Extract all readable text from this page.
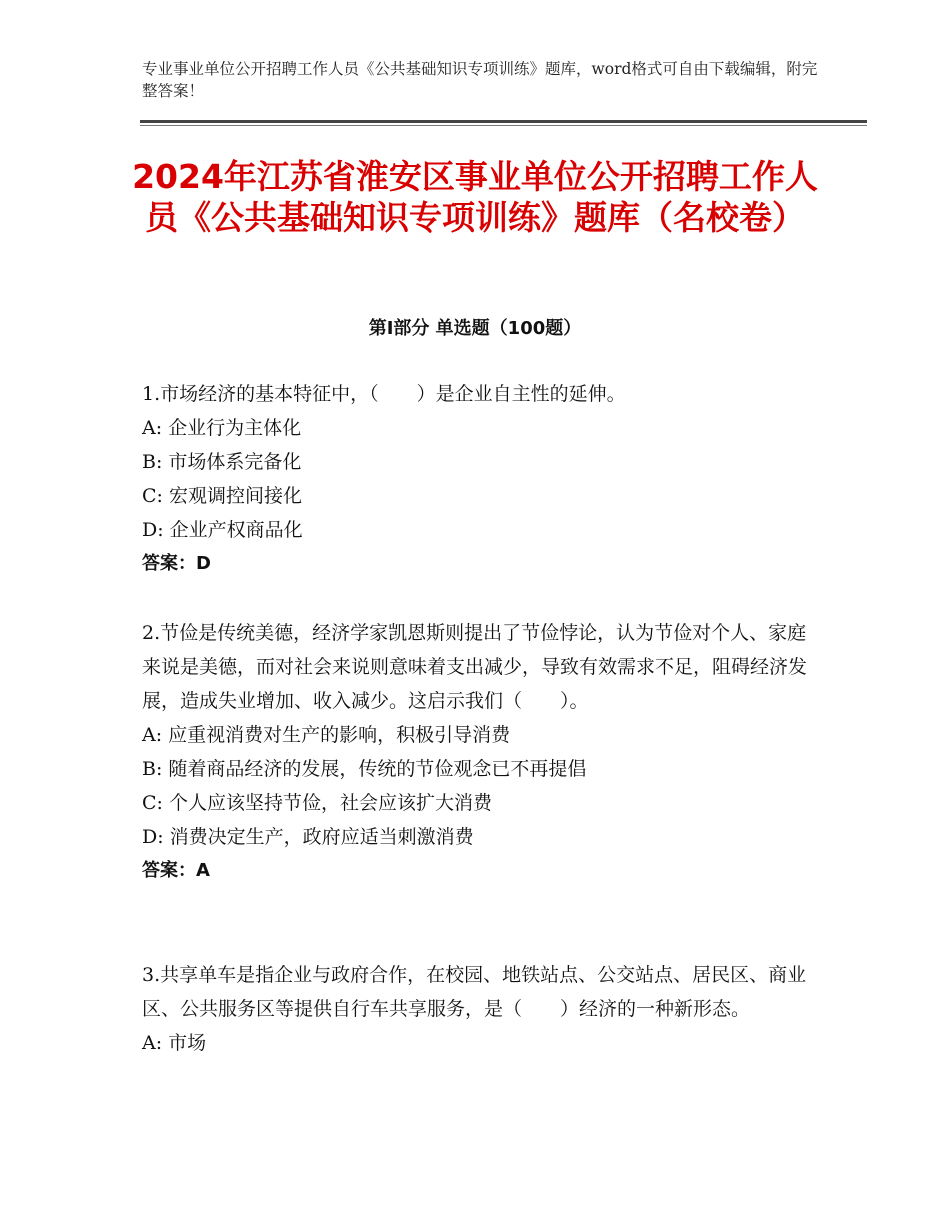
专业事业单位公开招聘工作人员《公共基础知识专项训练》题库，word格式可自由下载编辑，附完整答案！
2024年江苏省淮安区事业单位公开招聘工作人员《公共基础知识专项训练》题库（名校卷）
第Ⅰ部分 单选题（100题）

1.市场经济的基本特征中，（　　）是企业自主性的延伸。

A: 企业行为主体化

B: 市场体系完备化

C: 宏观调控间接化

D: 企业产权商品化

答案：D

2.节俭是传统美德，经济学家凯恩斯则提出了节俭悖论，认为节俭对个人、家庭来说是美德，而对社会来说则意味着支出减少，导致有效需求不足，阻碍经济发展，造成失业增加、收入减少。这启示我们（　　）。

A: 应重视消费对生产的影响，积极引导消费

B: 随着商品经济的发展，传统的节俭观念已不再提倡

C: 个人应该坚持节俭，社会应该扩大消费

D: 消费决定生产，政府应适当刺激消费

答案：A

3.共享单车是指企业与政府合作，在校园、地铁站点、公交站点、居民区、商业区、公共服务区等提供自行车共享服务，是（　　）经济的一种新形态。

A: 市场
